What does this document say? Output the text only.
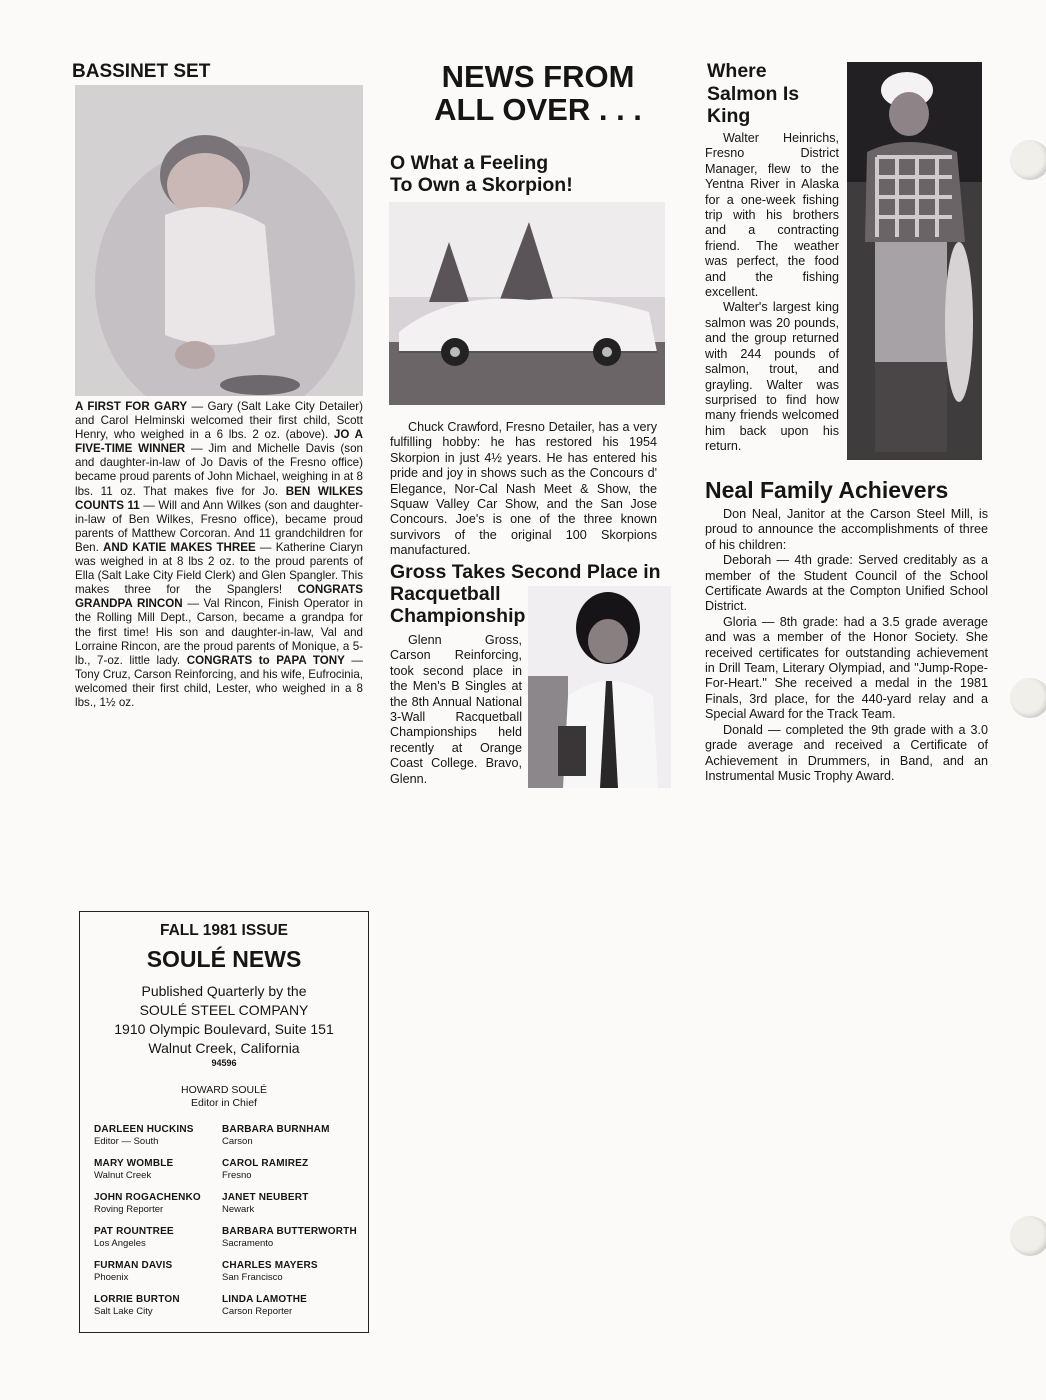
BASSINET SET

A FIRST FOR GARY — Gary (Salt Lake City Detailer) and Carol Helminski welcomed their first child, Scott Henry, who weighed in a 6 lbs. 2 oz. (above). JO A FIVE-TIME WINNER — Jim and Michelle Davis (son and daughter-in-law of Jo Davis of the Fresno office) became proud parents of John Michael, weighing in at 8 lbs. 11 oz. That makes five for Jo. BEN WILKES COUNTS 11 — Will and Ann Wilkes (son and daughter-in-law of Ben Wilkes, Fresno office), became proud parents of Matthew Corcoran. And 11 grandchildren for Ben. AND KATIE MAKES THREE — Katherine Ciaryn was weighed in at 8 lbs 2 oz. to the proud parents of Ella (Salt Lake City Field Clerk) and Glen Spangler. This makes three for the Spanglers! CONGRATS GRANDPA RINCON — Val Rincon, Finish Operator in the Rolling Mill Dept., Carson, became a grandpa for the first time! His son and daughter-in-law, Val and Lorraine Rincon, are the proud parents of Monique, a 5-lb., 7-oz. little lady. CONGRATS to PAPA TONY — Tony Cruz, Carson Reinforcing, and his wife, Eufrocinia, welcomed their first child, Lester, who weighed in a 8 lbs., 1½ oz.

NEWS FROM
ALL OVER . . .
O What a Feeling
To Own a Skorpion!

Chuck Crawford, Fresno Detailer, has a very fulfilling hobby: he has restored his 1954 Skorpion in just 4½ years. He has entered his pride and joy in shows such as the Concours d' Elegance, Nor-Cal Nash Meet & Show, the Squaw Valley Car Show, and the San Jose Concours. Joe's is one of the three known survivors of the original 100 Skorpions manufactured.

Gross Takes Second Place in
Racquetball
Championship

Glenn Gross, Carson Reinforcing, took second place in the Men's B Singles at the 8th Annual National 3-Wall Racquetball Championships held recently at Orange Coast College. Bravo, Glenn.

Where
Salmon Is
King

Walter Heinrichs, Fresno District Manager, flew to the Yentna River in Alaska for a one-week fishing trip with his brothers and a contracting friend. The weather was perfect, the food and the fishing excellent.

Walter's largest king salmon was 20 pounds, and the group returned with 244 pounds of salmon, trout, and grayling. Walter was surprised to find how many friends welcomed him back upon his return.

Neal Family Achievers

Don Neal, Janitor at the Carson Steel Mill, is proud to announce the accomplishments of three of his children:

Deborah — 4th grade: Served creditably as a member of the Student Council of the School Certificate Awards at the Compton Unified School District.

Gloria — 8th grade: had a 3.5 grade average and was a member of the Honor Society. She received certificates for outstanding achievement in Drill Team, Literary Olympiad, and "Jump-Rope-For-Heart." She received a medal in the 1981 Finals, 3rd place, for the 440-yard relay and a Special Award for the Track Team.

Donald — completed the 9th grade with a 3.0 grade average and received a Certificate of Achievement in Drummers, in Band, and an Instrumental Music Trophy Award.

FALL 1981 ISSUE
SOULÉ NEWS
Published Quarterly by the
SOULÉ STEEL COMPANY
1910 Olympic Boulevard, Suite 151
Walnut Creek, California
94596
HOWARD SOULÉ
Editor in Chief
DARLEEN HUCKINS
Editor — South
BARBARA BURNHAM
Carson
MARY WOMBLE
Walnut Creek
CAROL RAMIREZ
Fresno
JOHN ROGACHENKO
Roving Reporter
JANET NEUBERT
Newark
PAT ROUNTREE
Los Angeles
BARBARA BUTTERWORTH
Sacramento
FURMAN DAVIS
Phoenix
CHARLES MAYERS
San Francisco
LORRIE BURTON
Salt Lake City
LINDA LAMOTHE
Carson Reporter
